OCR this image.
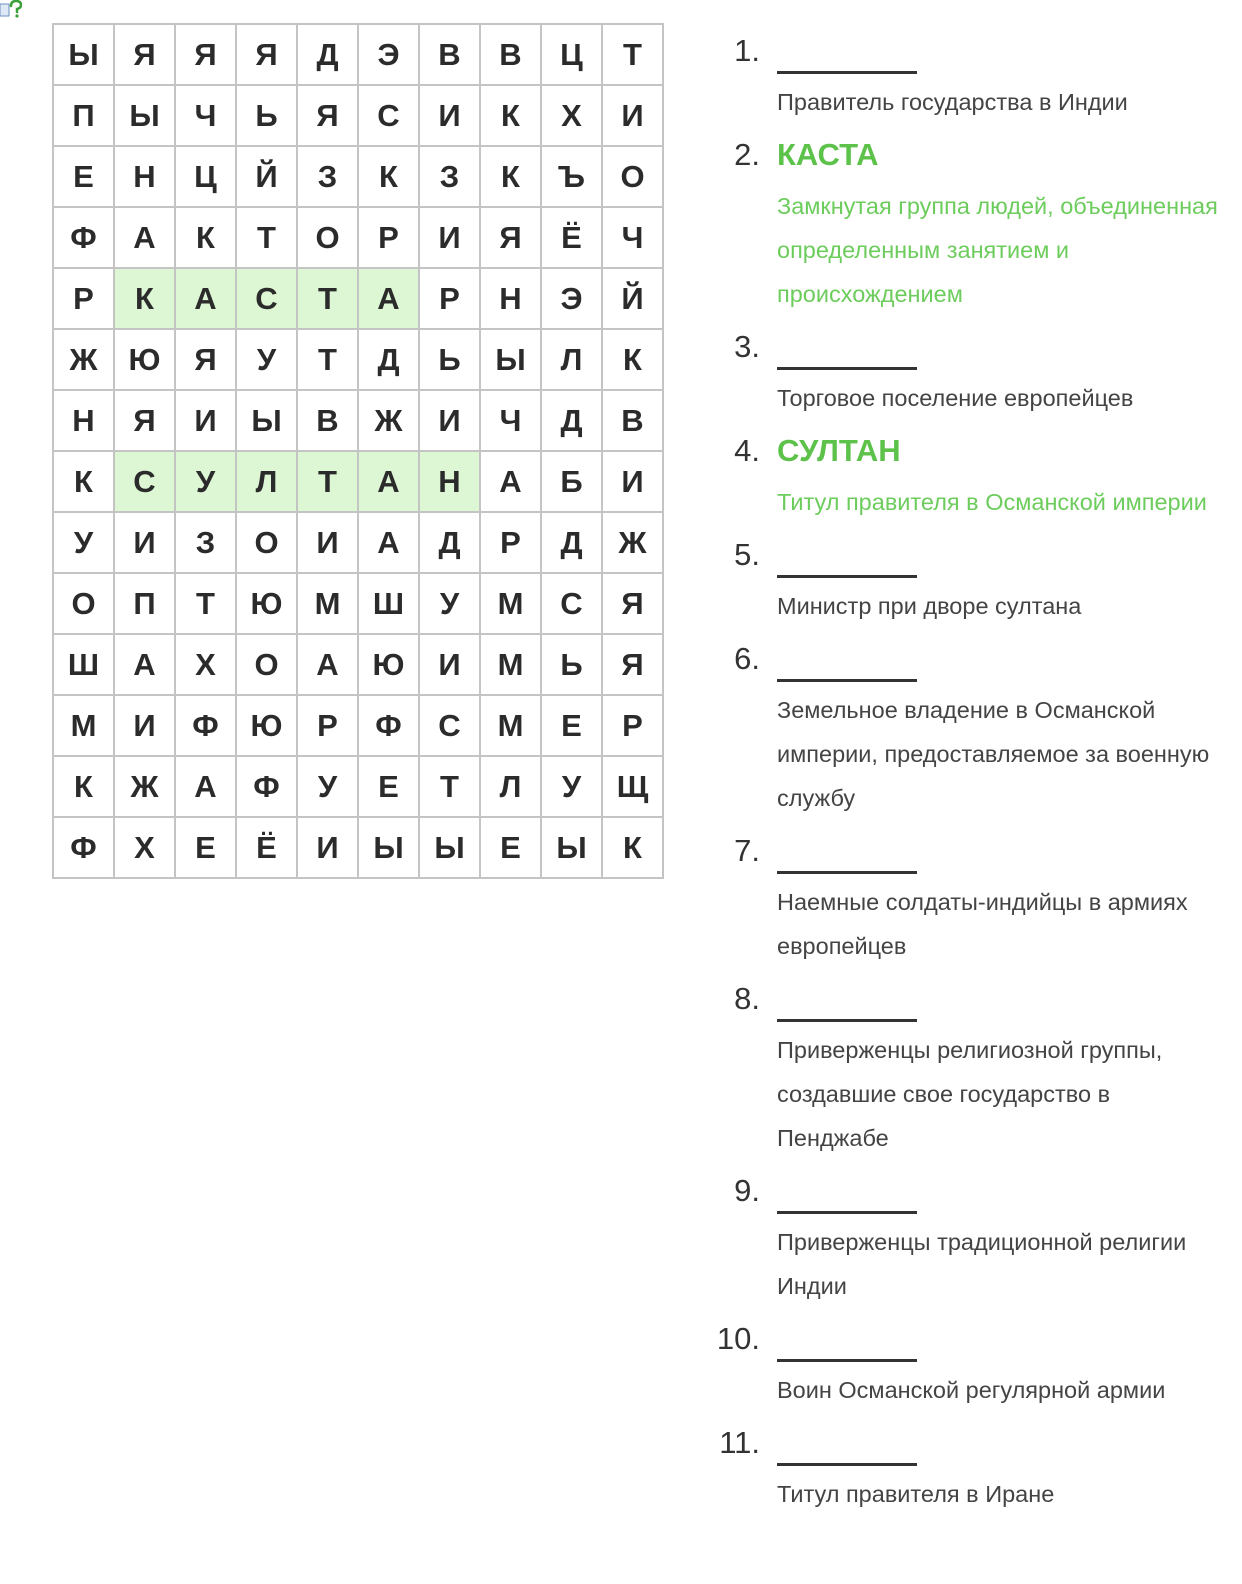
Ы	Я	Я	Я	Д	Э	В	В	Ц	Т
П	Ы	Ч	Ь	Я	С	И	К	Х	И
Е	Н	Ц	Й	З	К	З	К	Ъ	О
Ф	А	К	Т	О	Р	И	Я	Ё	Ч
Р	К	А	С	Т	А	Р	Н	Э	Й
Ж	Ю	Я	У	Т	Д	Ь	Ы	Л	К
Н	Я	И	Ы	В	Ж	И	Ч	Д	В
К	С	У	Л	Т	А	Н	А	Б	И
У	И	З	О	И	А	Д	Р	Д	Ж
О	П	Т	Ю	М	Ш	У	М	С	Я
Ш	А	Х	О	А	Ю	И	М	Ь	Я
М	И	Ф	Ю	Р	Ф	С	М	Е	Р
К	Ж	А	Ф	У	Е	Т	Л	У	Щ
Ф	Х	Е	Ё	И	Ы	Ы	Е	Ы	К
1.
Правитель государства в Индии
2. КАСТА
Замкнутая группа людей, объединенная определенным занятием и происхождением
3.
Торговое поселение европейцев
4. СУЛТАН
Титул правителя в Османской империи
5.
Министр при дворе султана
6.
Земельное владение в Османской империи, предоставляемое за военную службу
7.
Наемные солдаты-индийцы в армиях европейцев
8.
Приверженцы религиозной группы, создавшие свое государство в Пенджабе
9.
Приверженцы традиционной религии Индии
10.
Воин Османской регулярной армии
11.
Титул правителя в Иране
